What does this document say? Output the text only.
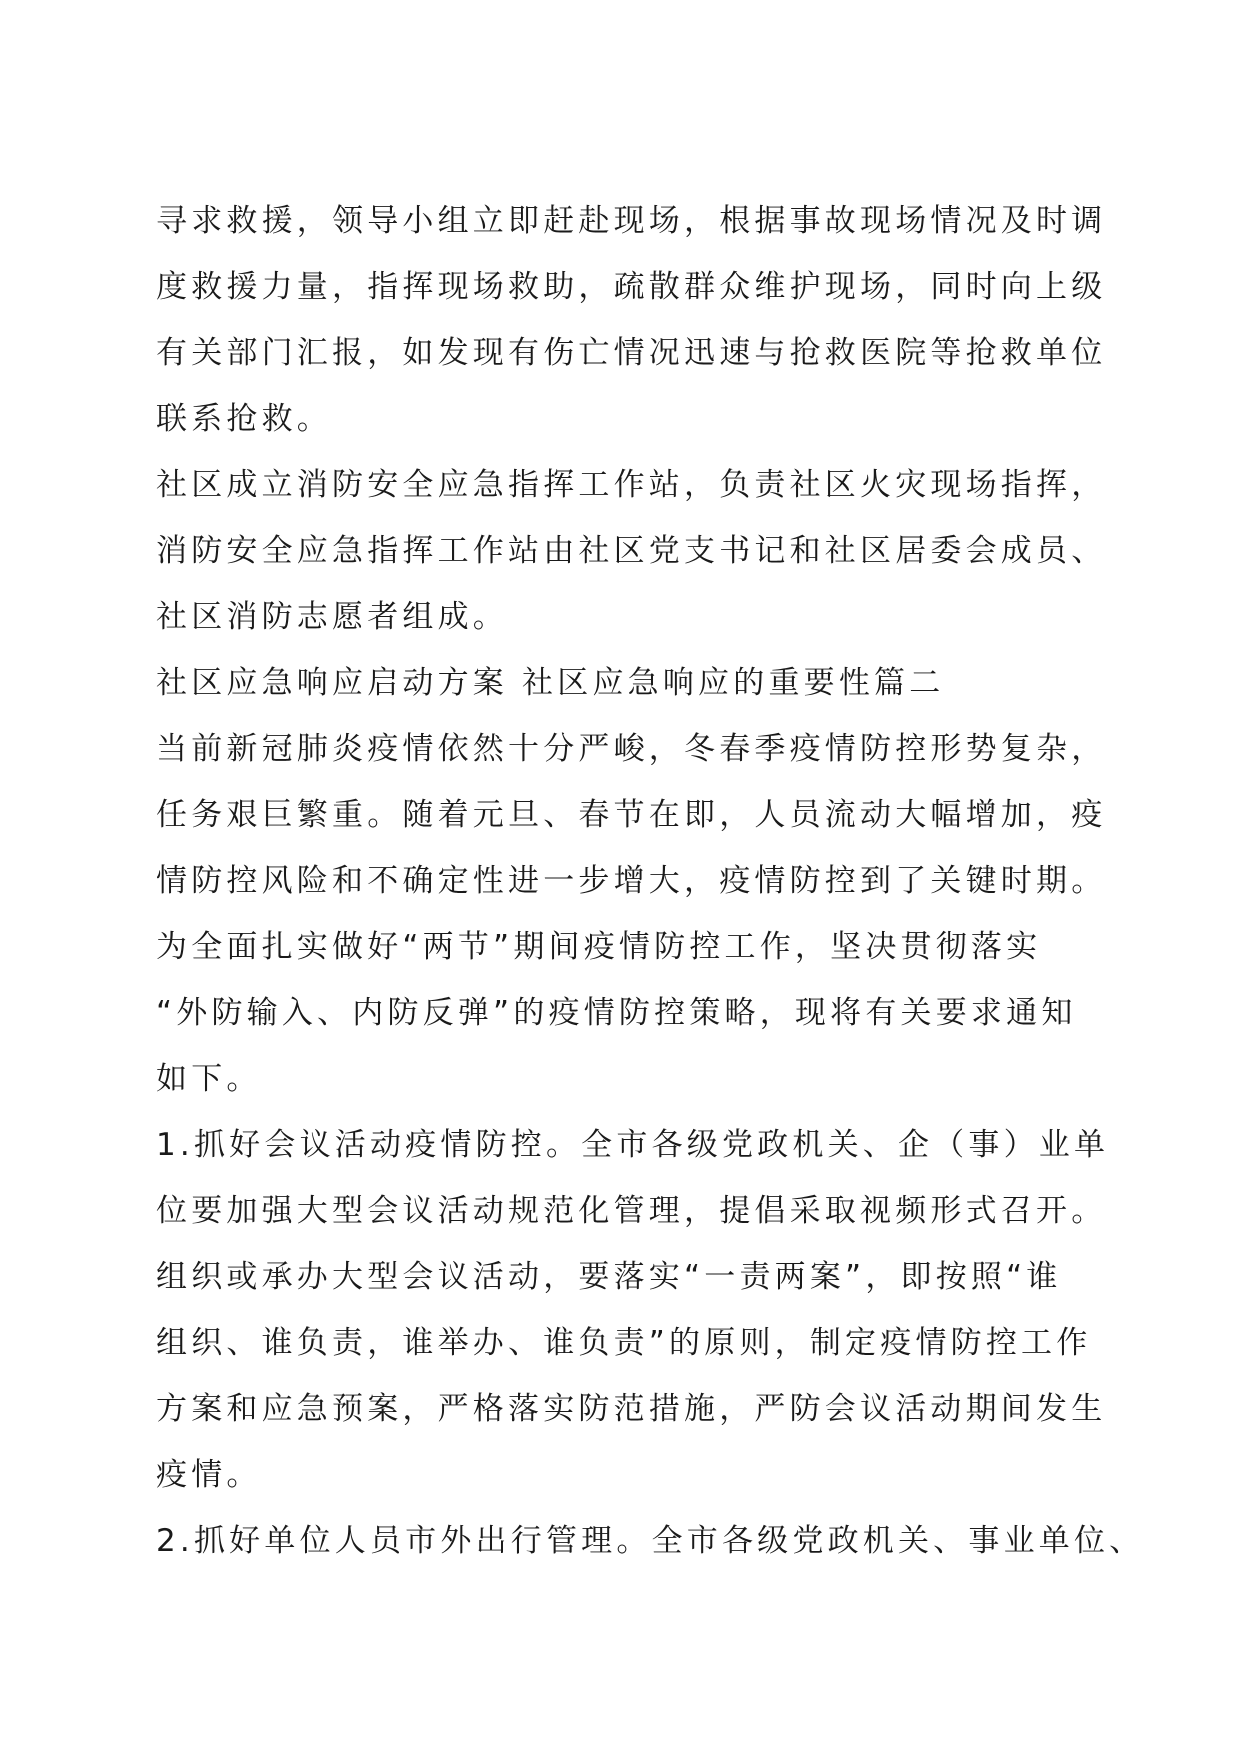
寻求救援，领导小组立即赶赴现场，根据事故现场情况及时调
度救援力量，指挥现场救助，疏散群众维护现场，同时向上级
有关部门汇报，如发现有伤亡情况迅速与抢救医院等抢救单位
联系抢救。
社区成立消防安全应急指挥工作站，负责社区火灾现场指挥，
消防安全应急指挥工作站由社区党支书记和社区居委会成员、
社区消防志愿者组成。
社区应急响应启动方案 社区应急响应的重要性篇二
当前新冠肺炎疫情依然十分严峻，冬春季疫情防控形势复杂，
任务艰巨繁重。随着元旦、春节在即，人员流动大幅增加，疫
情防控风险和不确定性进一步增大，疫情防控到了关键时期。
为全面扎实做好“两节”期间疫情防控工作，坚决贯彻落实
“外防输入、内防反弹”的疫情防控策略，现将有关要求通知
如下。
1.抓好会议活动疫情防控。全市各级党政机关、企（事）业单
位要加强大型会议活动规范化管理，提倡采取视频形式召开。
组织或承办大型会议活动，要落实“一责两案”，即按照“谁
组织、谁负责，谁举办、谁负责”的原则，制定疫情防控工作
方案和应急预案，严格落实防范措施，严防会议活动期间发生
疫情。
2.抓好单位人员市外出行管理。全市各级党政机关、事业单位、
